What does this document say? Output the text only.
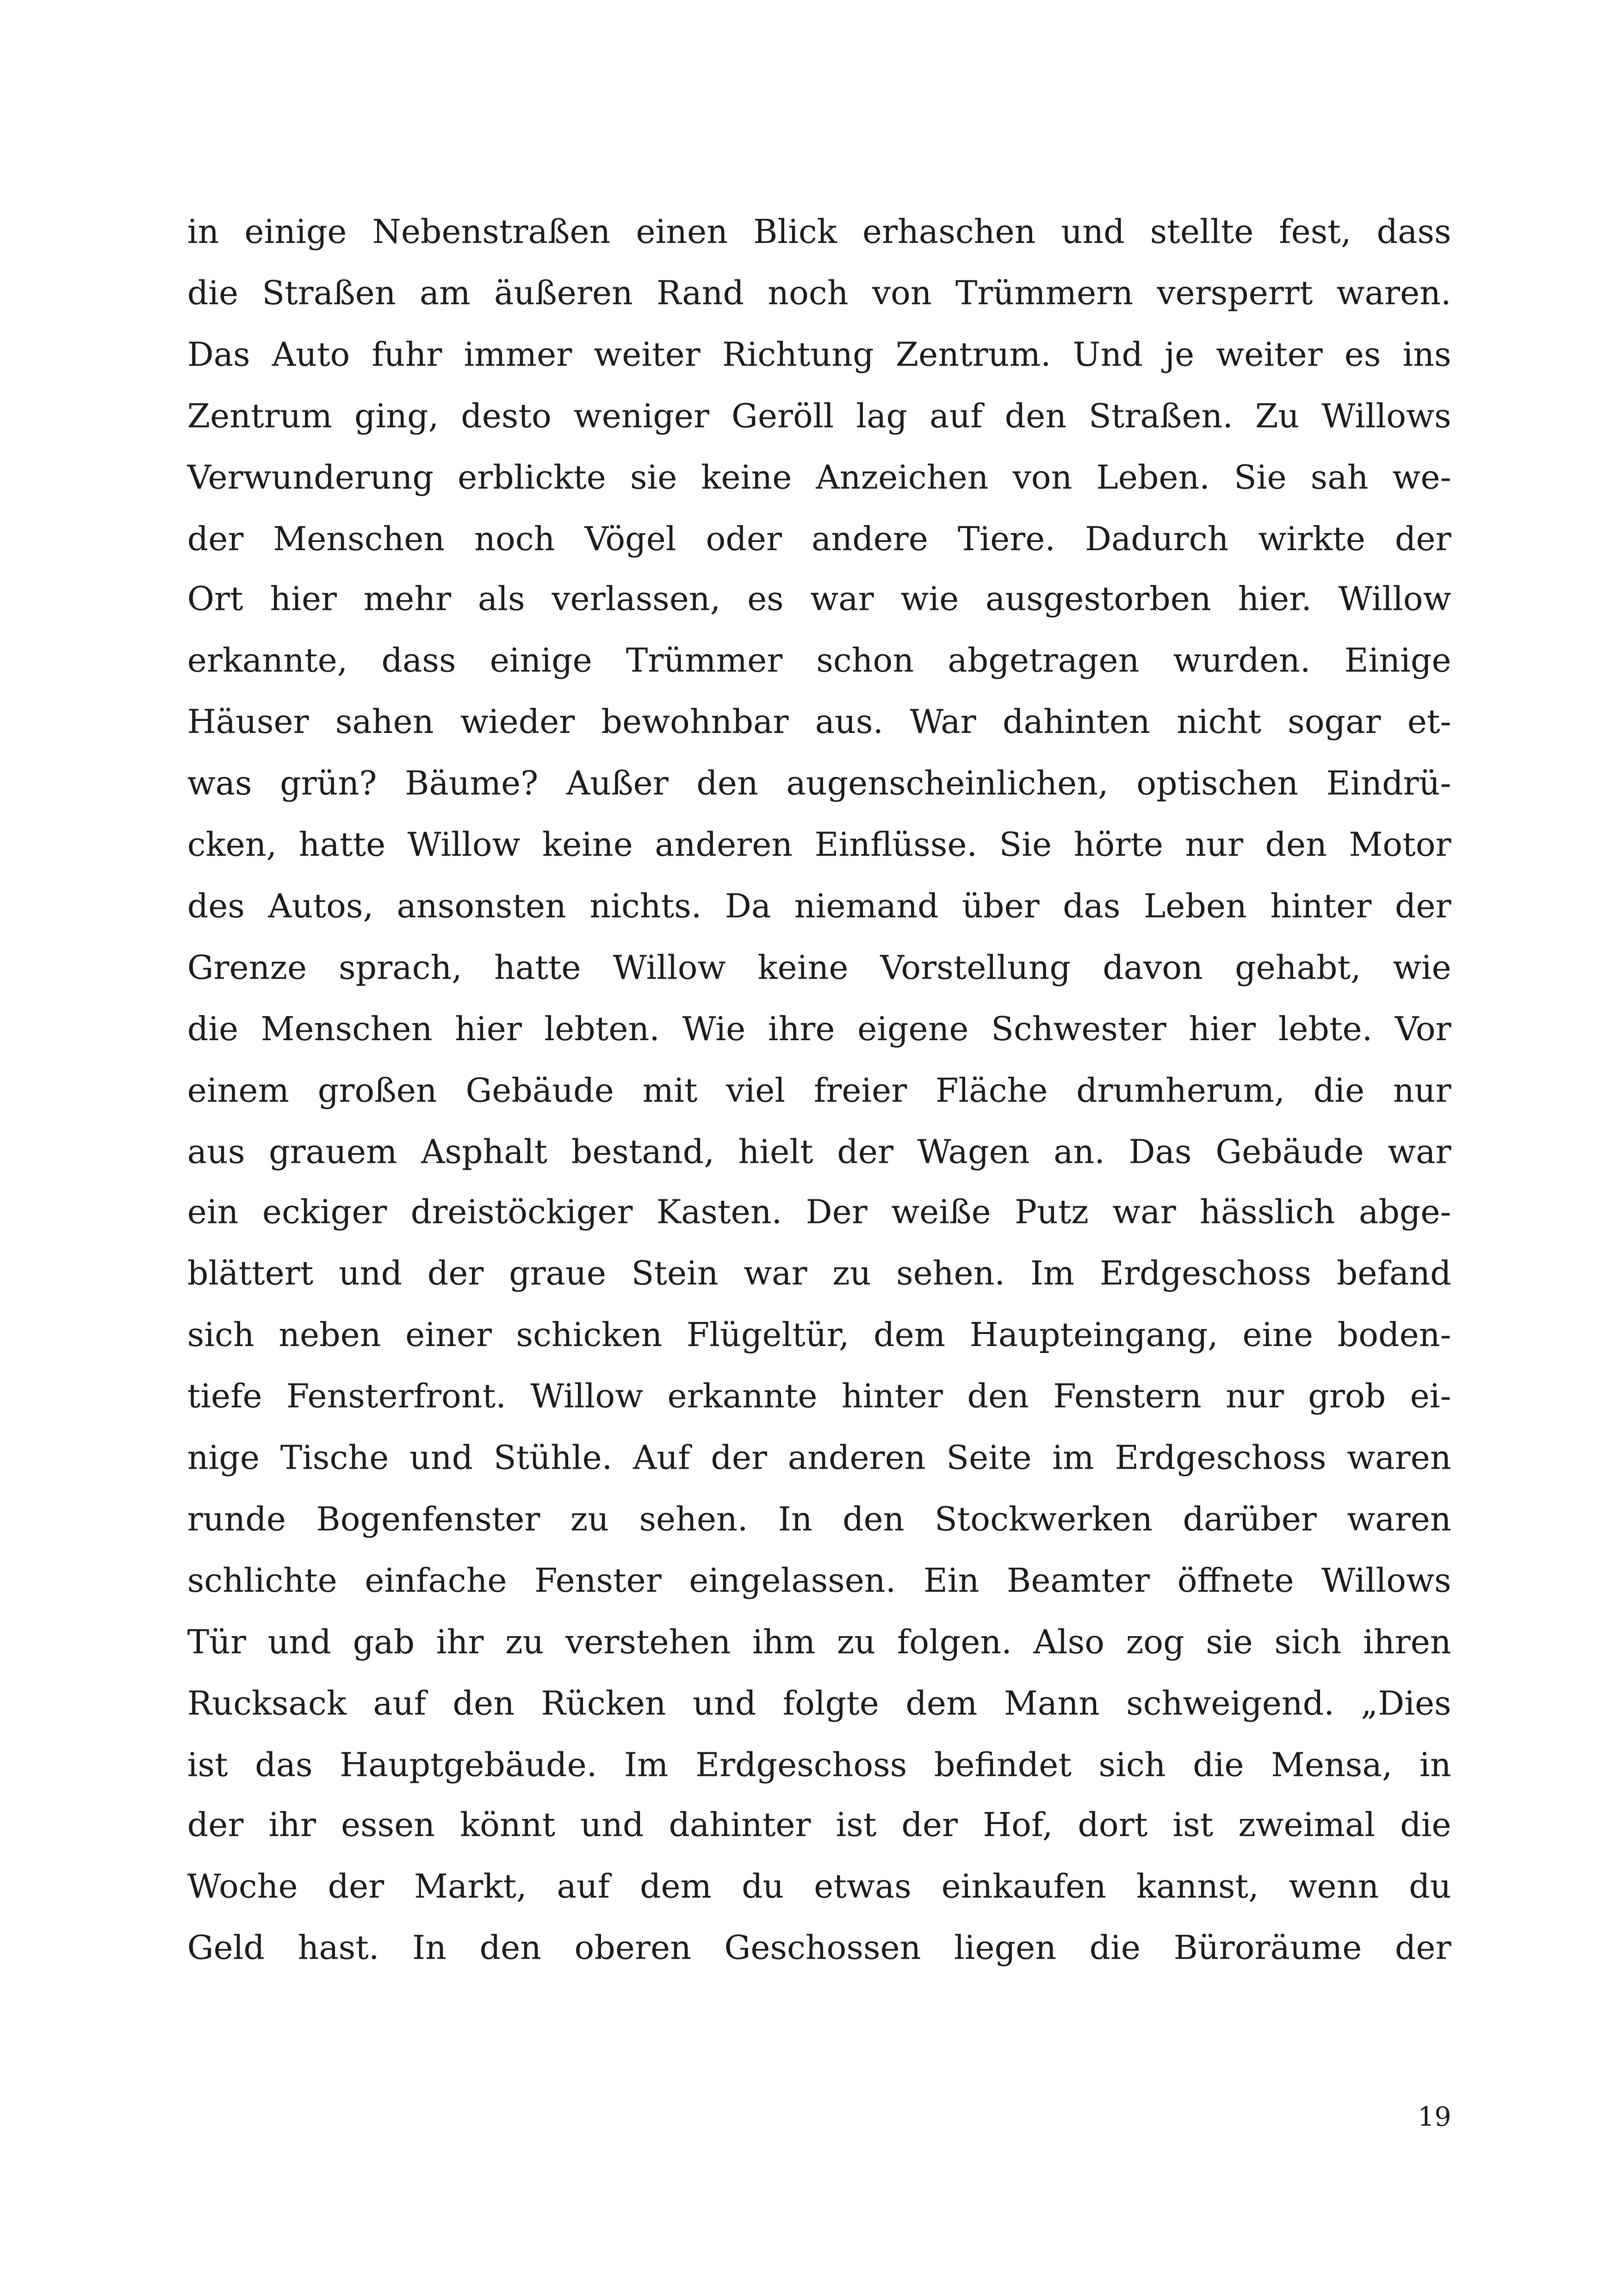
in einige Nebenstraßen einen Blick erhaschen und stellte fest, dass

die Straßen am äußeren Rand noch von Trümmern versperrt waren.

Das Auto fuhr immer weiter Richtung Zentrum. Und je weiter es ins

Zentrum ging, desto weniger Geröll lag auf den Straßen. Zu Willows

Verwunderung erblickte sie keine Anzeichen von Leben. Sie sah we-

der Menschen noch Vögel oder andere Tiere. Dadurch wirkte der

Ort hier mehr als verlassen, es war wie ausgestorben hier. Willow

erkannte, dass einige Trümmer schon abgetragen wurden. Einige

Häuser sahen wieder bewohnbar aus. War dahinten nicht sogar et-

was grün? Bäume? Außer den augenscheinlichen, optischen Eindrü-

cken, hatte Willow keine anderen Einflüsse. Sie hörte nur den Motor

des Autos, ansonsten nichts. Da niemand über das Leben hinter der

Grenze sprach, hatte Willow keine Vorstellung davon gehabt, wie

die Menschen hier lebten. Wie ihre eigene Schwester hier lebte. Vor

einem großen Gebäude mit viel freier Fläche drumherum, die nur

aus grauem Asphalt bestand, hielt der Wagen an. Das Gebäude war

ein eckiger dreistöckiger Kasten. Der weiße Putz war hässlich abge-

blättert und der graue Stein war zu sehen. Im Erdgeschoss befand

sich neben einer schicken Flügeltür, dem Haupteingang, eine boden-

tiefe Fensterfront. Willow erkannte hinter den Fenstern nur grob ei-

nige Tische und Stühle. Auf der anderen Seite im Erdgeschoss waren

runde Bogenfenster zu sehen. In den Stockwerken darüber waren

schlichte einfache Fenster eingelassen. Ein Beamter öffnete Willows

Tür und gab ihr zu verstehen ihm zu folgen. Also zog sie sich ihren

Rucksack auf den Rücken und folgte dem Mann schweigend. „Dies

ist das Hauptgebäude. Im Erdgeschoss befindet sich die Mensa, in

der ihr essen könnt und dahinter ist der Hof, dort ist zweimal die

Woche der Markt, auf dem du etwas einkaufen kannst, wenn du

Geld hast. In den oberen Geschossen liegen die Büroräume der

19
